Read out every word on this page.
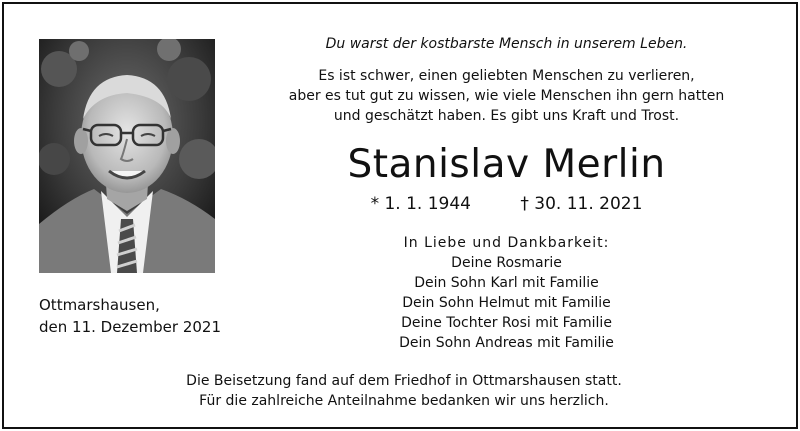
Ottmarshausen,
den 11. Dezember 2021
Du warst der kostbarste Mensch in unserem Leben.
Es ist schwer, einen geliebten Menschen zu verlieren,
aber es tut gut zu wissen, wie viele Menschen ihn gern hatten
und geschätzt haben. Es gibt uns Kraft und Trost.
Stanislav Merlin
* 1. 1. 1944	† 30. 11. 2021
In Liebe und Dankbarkeit:
Deine Rosmarie
Dein Sohn Karl mit Familie
Dein Sohn Helmut mit Familie
Deine Tochter Rosi mit Familie
Dein Sohn Andreas mit Familie
Die Beisetzung fand auf dem Friedhof in Ottmarshausen statt.
Für die zahlreiche Anteilnahme bedanken wir uns herzlich.
